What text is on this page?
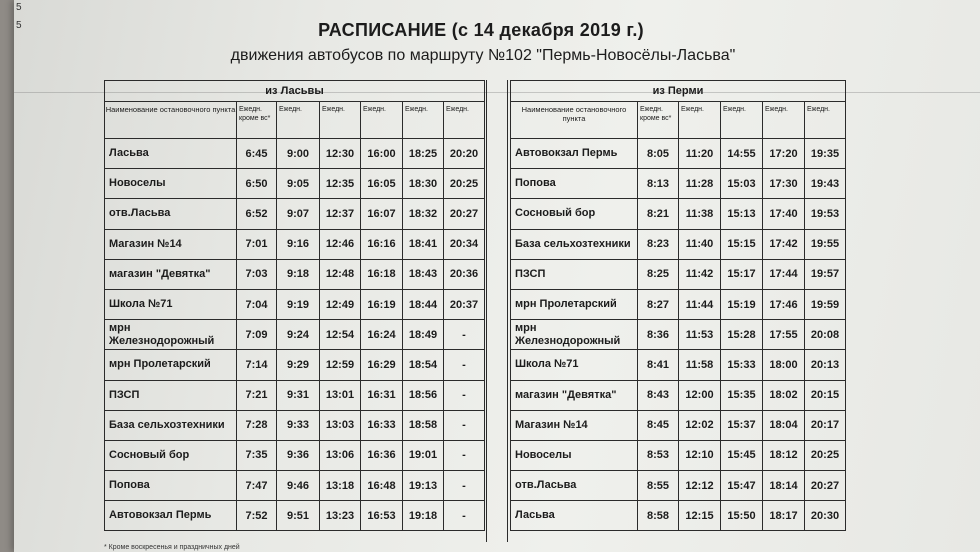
5
5	РАСПИСАНИЕ (с 14 декабря 2019 г.)
движения автобусов по маршруту №102 "Пермь-Новосёлы-Ласьва"
из Ласьвы						
Наименование остановочного пункта	Ежедн. кроме вс*	Ежедн.	Ежедн.	Ежедн.	Ежедн.	Ежедн.
Ласьва	6:45	9:00	12:30	16:00	18:25	20:20
Новоселы	6:50	9:05	12:35	16:05	18:30	20:25
отв.Ласьва	6:52	9:07	12:37	16:07	18:32	20:27
Магазин №14	7:01	9:16	12:46	16:16	18:41	20:34
магазин "Девятка"	7:03	9:18	12:48	16:18	18:43	20:36
Школа №71	7:04	9:19	12:49	16:19	18:44	20:37
мрн Железнодорожный	7:09	9:24	12:54	16:24	18:49	-
мрн Пролетарский	7:14	9:29	12:59	16:29	18:54	-
ПЗСП	7:21	9:31	13:01	16:31	18:56	-
База сельхозтехники	7:28	9:33	13:03	16:33	18:58	-
Сосновый бор	7:35	9:36	13:06	16:36	19:01	-
Попова	7:47	9:46	13:18	16:48	19:13	-
Автовокзал Пермь	7:52	9:51	13:23	16:53	19:18	-
из Перми					
Наименование остановочного пункта	Ежедн. кроме вс*	Ежедн.	Ежедн.	Ежедн.	Ежедн.
Автовокзал Пермь	8:05	11:20	14:55	17:20	19:35
Попова	8:13	11:28	15:03	17:30	19:43
Сосновый бор	8:21	11:38	15:13	17:40	19:53
База сельхозтехники	8:23	11:40	15:15	17:42	19:55
ПЗСП	8:25	11:42	15:17	17:44	19:57
мрн Пролетарский	8:27	11:44	15:19	17:46	19:59
мрн Железнодорожный	8:36	11:53	15:28	17:55	20:08
Школа №71	8:41	11:58	15:33	18:00	20:13
магазин "Девятка"	8:43	12:00	15:35	18:02	20:15
Магазин №14	8:45	12:02	15:37	18:04	20:17
Новоселы	8:53	12:10	15:45	18:12	20:25
отв.Ласьва	8:55	12:12	15:47	18:14	20:27
Ласьва	8:58	12:15	15:50	18:17	20:30
* Кроме воскресенья и праздничных дней
